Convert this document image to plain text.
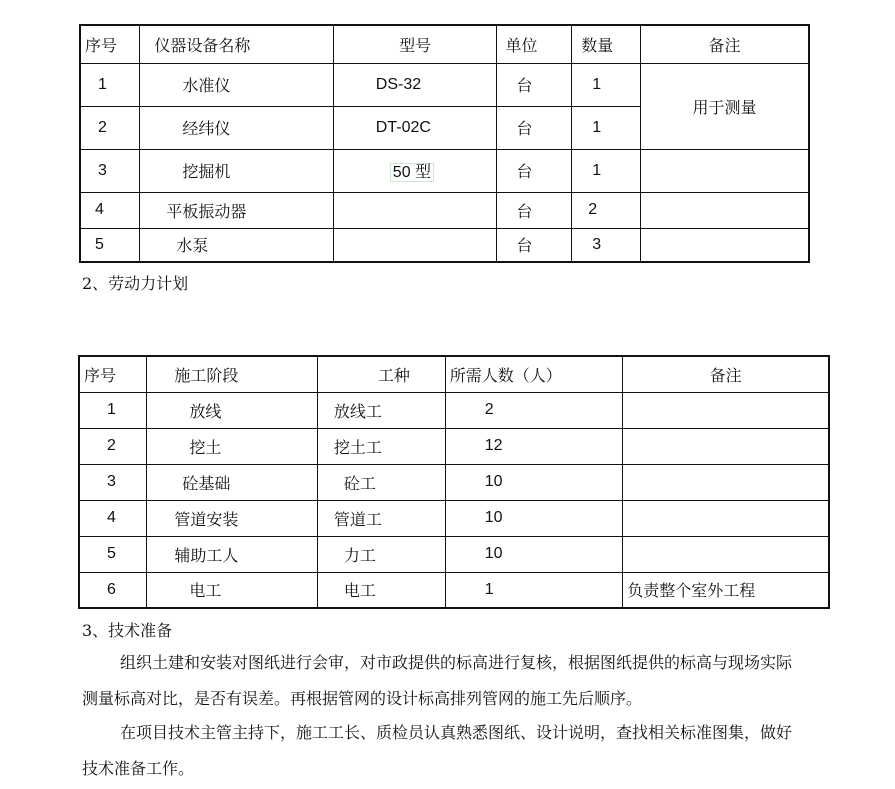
序号	仪器设备名称	型号	单位	数量	备注
1	水准仪	DS-32	台	1	用于测量
2	经纬仪	DT-02C	台	1	
3	挖掘机	50 型	台	1	
4	平板振动器		台	2	
5	水泵		台	3	
2、劳动力计划
序号	施工阶段	工种	所需人数（人）	备注
1	放线	放线工	2	
2	挖土	挖土工	12	
3	砼基础	砼工	10	
4	管道安装	管道工	10	
5	辅助工人	力工	10	
6	电工	电工	1	负责整个室外工程
3、技术准备
组织土建和安装对图纸进行会审，对市政提供的标高进行复核，根据图纸提供的标高与现场实际测量标高对比，是否有误差。再根据管网的设计标高排列管网的施工先后顺序。
在项目技术主管主持下，施工工长、质检员认真熟悉图纸、设计说明，查找相关标准图集，做好技术准备工作。
